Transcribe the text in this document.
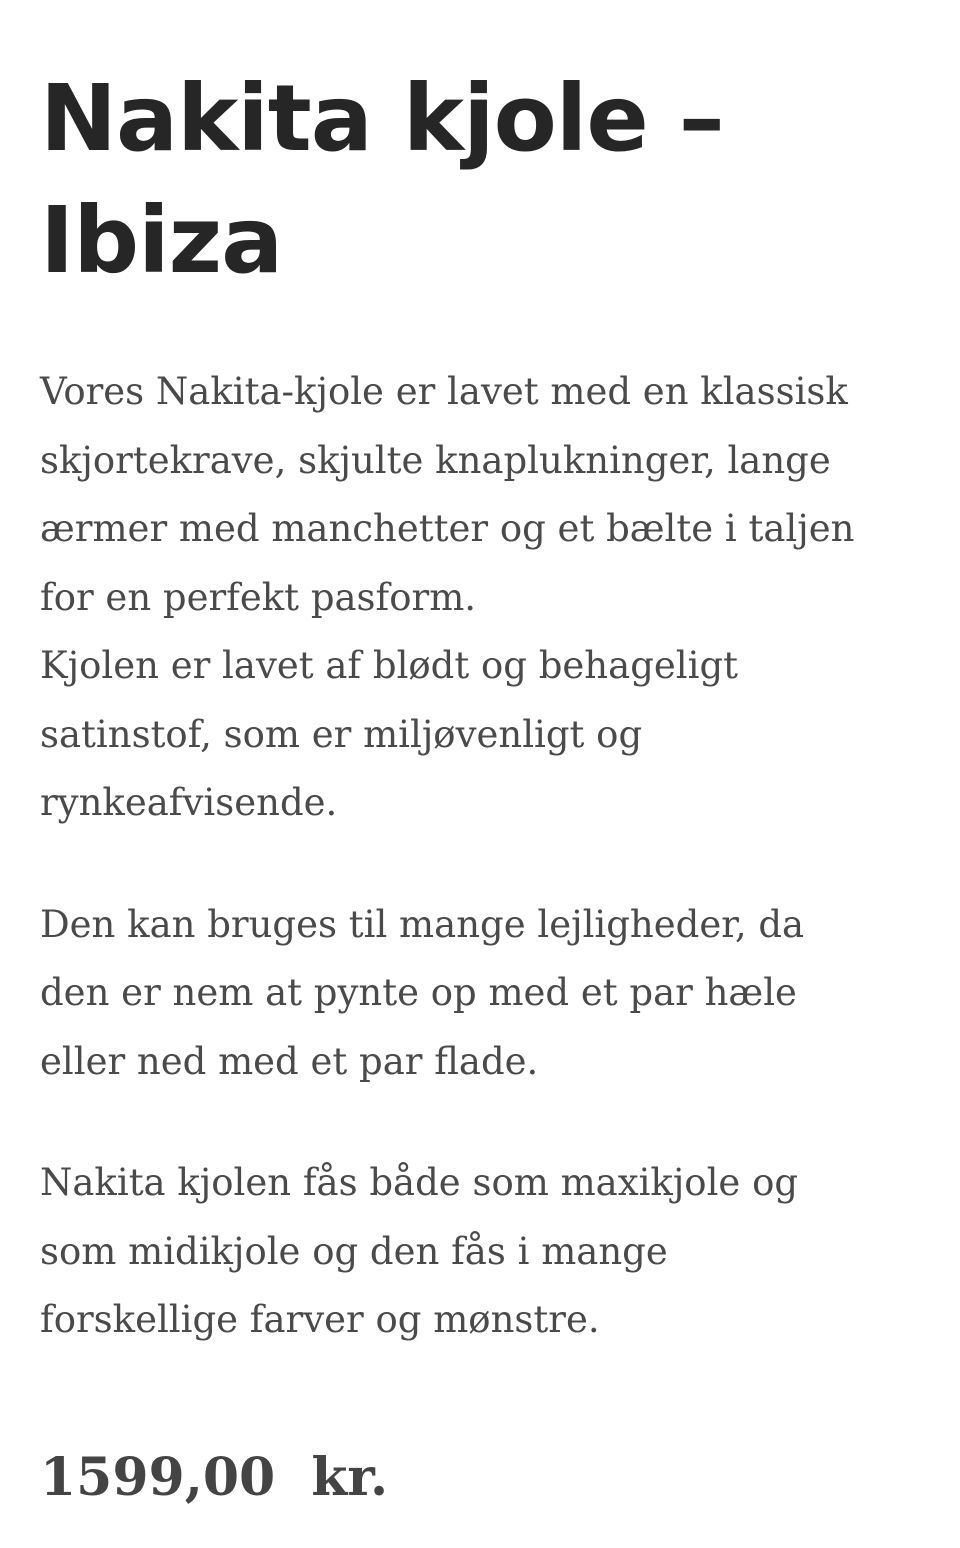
Nakita kjole –
Ibiza

Vores Nakita-kjole er lavet med en klassisk
skjortekrave, skjulte knaplukninger, lange
ærmer med manchetter og et bælte i taljen
for en perfekt pasform.
Kjolen er lavet af blødt og behageligt
satinstof, som er miljøvenligt og
rynkeafvisende.

Den kan bruges til mange lejligheder, da
den er nem at pynte op med et par hæle
eller ned med et par flade.

Nakita kjolen fås både som maxikjole og
som midikjole og den fås i mange
forskellige farver og mønstre.

1599,00  kr.
